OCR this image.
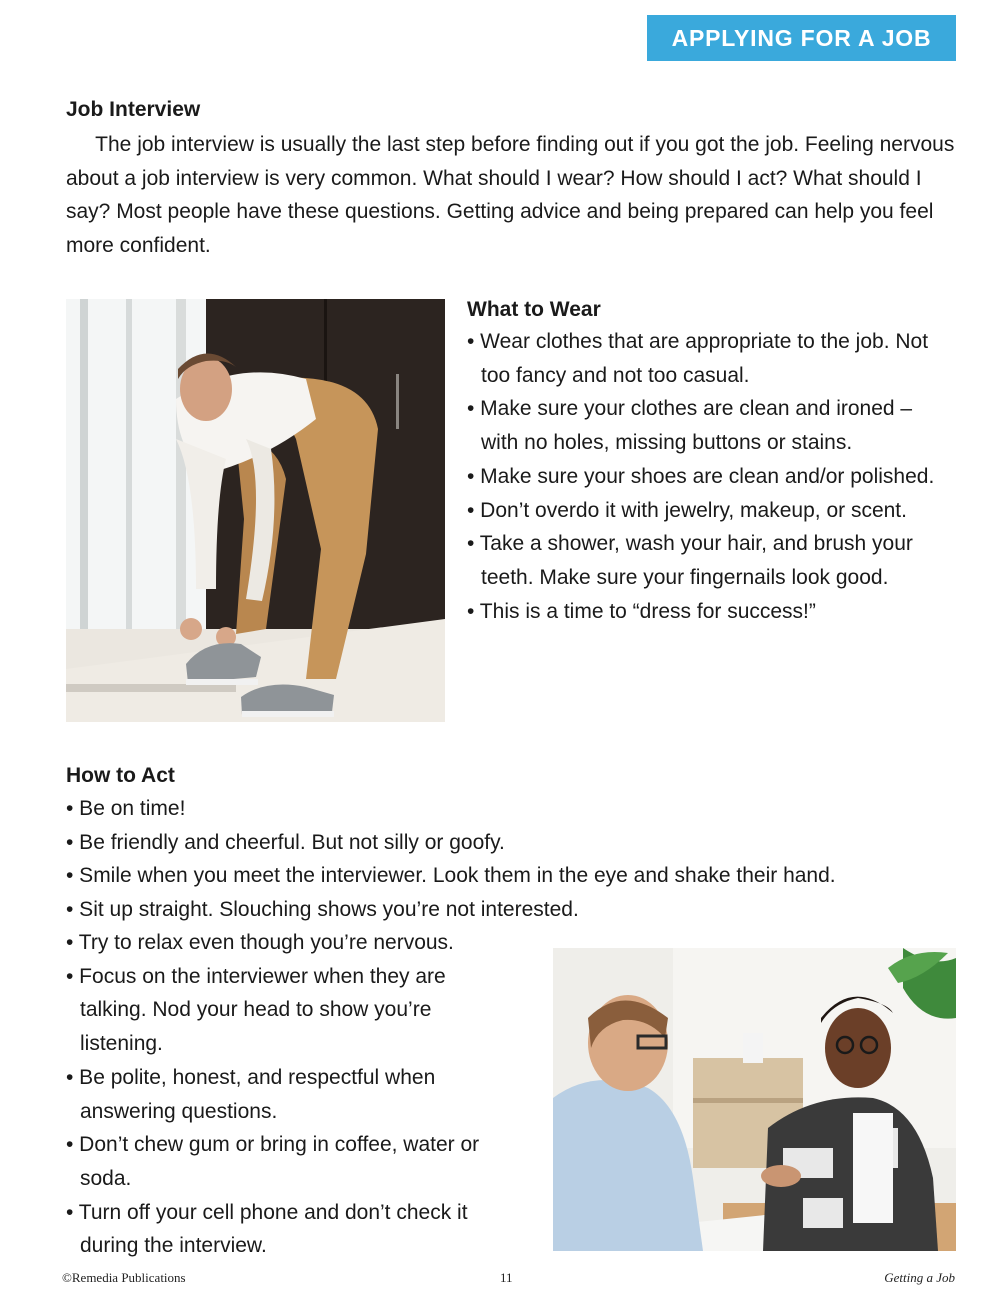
APPLYING FOR A JOB
Job Interview

The job interview is usually the last step before finding out if you got the job. Feeling nervous about a job interview is very common. What should I wear? How should I act? What should I say? Most people have these questions. Getting advice and being prepared can help you feel more confident.

What to Wear
• Wear clothes that are appropriate to the job. Not too fancy and not too casual.
• Make sure your clothes are clean and ironed – with no holes, missing buttons or stains.
• Make sure your shoes are clean and/or polished.
• Don’t overdo it with jewelry, makeup, or scent.
• Take a shower, wash your hair, and brush your teeth. Make sure your fingernails look good.
• This is a time to “dress for success!”
How to Act
• Be on time!
• Be friendly and cheerful. But not silly or goofy.
• Smile when you meet the interviewer. Look them in the eye and shake their hand.
• Sit up straight. Slouching shows you’re not interested.
• Try to relax even though you’re nervous.
• Focus on the interviewer when they are talking. Nod your head to show you’re listening.
• Be polite, honest, and respectful when answering questions.
• Don’t chew gum or bring in coffee, water or soda.
• Turn off your cell phone and don’t check it during the interview.
©Remedia Publications	11	Getting a Job
